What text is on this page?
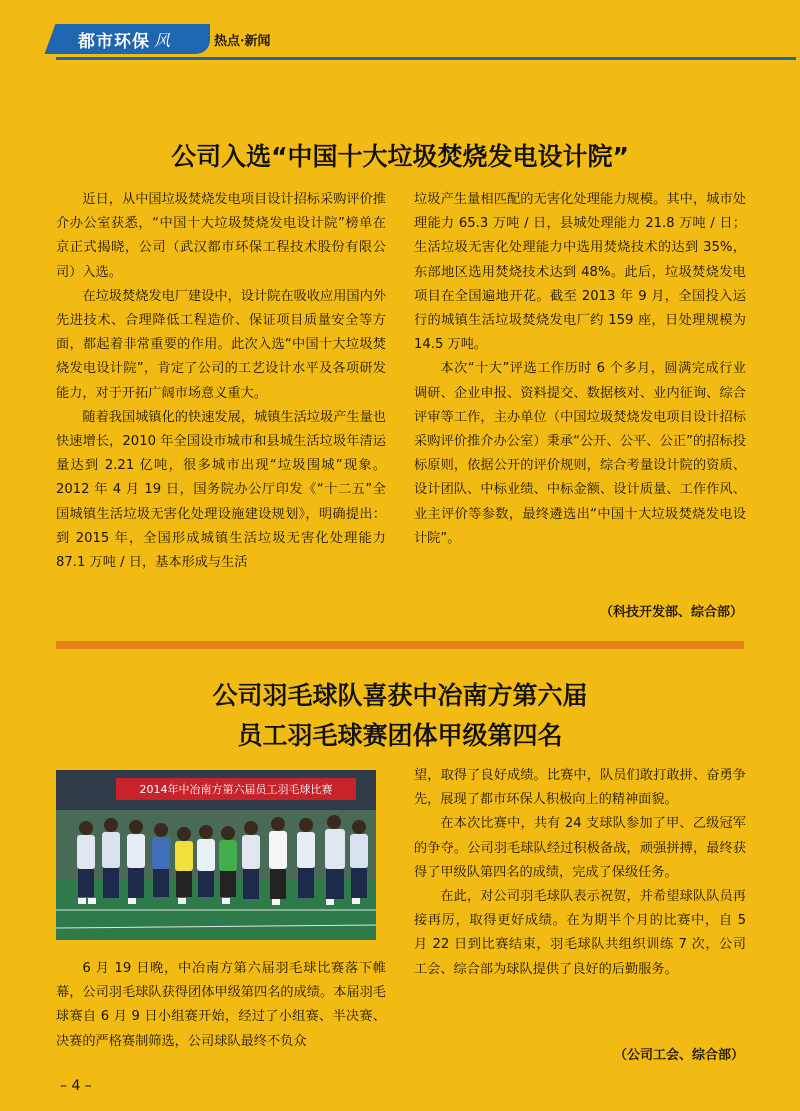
都市环保 风	热点·新闻
公司入选“中国十大垃圾焚烧发电设计院”

近日，从中国垃圾焚烧发电项目设计招标采购评价推介办公室获悉，“中国十大垃圾焚烧发电设计院”榜单在京正式揭晓，公司（武汉都市环保工程技术股份有限公司）入选。

在垃圾焚烧发电厂建设中，设计院在吸收应用国内外先进技术、合理降低工程造价、保证项目质量安全等方面，都起着非常重要的作用。此次入选“中国十大垃圾焚烧发电设计院”，肯定了公司的工艺设计水平及各项研发能力，对于开拓广阔市场意义重大。

随着我国城镇化的快速发展，城镇生活垃圾产生量也快速增长，2010 年全国设市城市和县城生活垃圾年清运量达到 2.21 亿吨，很多城市出现“垃圾围城”现象。2012 年 4 月 19 日，国务院办公厅印发《“十二五”全国城镇生活垃圾无害化处理设施建设规划》，明确提出：到 2015 年，全国形成城镇生活垃圾无害化处理能力 87.1 万吨 / 日，基本形成与生活

垃圾产生量相匹配的无害化处理能力规模。其中，城市处理能力 65.3 万吨 / 日，县城处理能力 21.8 万吨 / 日；生活垃圾无害化处理能力中选用焚烧技术的达到 35%，东部地区选用焚烧技术达到 48%。此后，垃圾焚烧发电项目在全国遍地开花。截至 2013 年 9 月，全国投入运行的城镇生活垃圾焚烧发电厂约 159 座，日处理规模为 14.5 万吨。

本次“十大”评选工作历时 6 个多月，圆满完成行业调研、企业申报、资料提交、数据核对、业内征询、综合评审等工作，主办单位（中国垃圾焚烧发电项目设计招标采购评价推介办公室）秉承“公开、公平、公正”的招标投标原则，依据公开的评价规则，综合考量设计院的资质、设计团队、中标业绩、中标金额、设计质量、工作作风、业主评价等参数，最终遴选出“中国十大垃圾焚烧发电设计院”。

（科技开发部、综合部）
公司羽毛球队喜获中冶南方第六届
员工羽毛球赛团体甲级第四名
2014年中冶南方第六届员工羽毛球比赛

6 月 19 日晚，中冶南方第六届羽毛球比赛落下帷幕，公司羽毛球队获得团体甲级第四名的成绩。本届羽毛球赛自 6 月 9 日小组赛开始，经过了小组赛、半决赛、决赛的严格赛制筛选，公司球队最终不负众

望，取得了良好成绩。比赛中，队员们敢打敢拼、奋勇争先，展现了都市环保人积极向上的精神面貌。

在本次比赛中，共有 24 支球队参加了甲、乙级冠军的争夺。公司羽毛球队经过积极备战，顽强拼搏，最终获得了甲级队第四名的成绩，完成了保级任务。

在此，对公司羽毛球队表示祝贺，并希望球队队员再接再厉，取得更好成绩。在为期半个月的比赛中，自 5 月 22 日到比赛结束，羽毛球队共组织训练 7 次，公司工会、综合部为球队提供了良好的后勤服务。

（公司工会、综合部）
– 4 –
